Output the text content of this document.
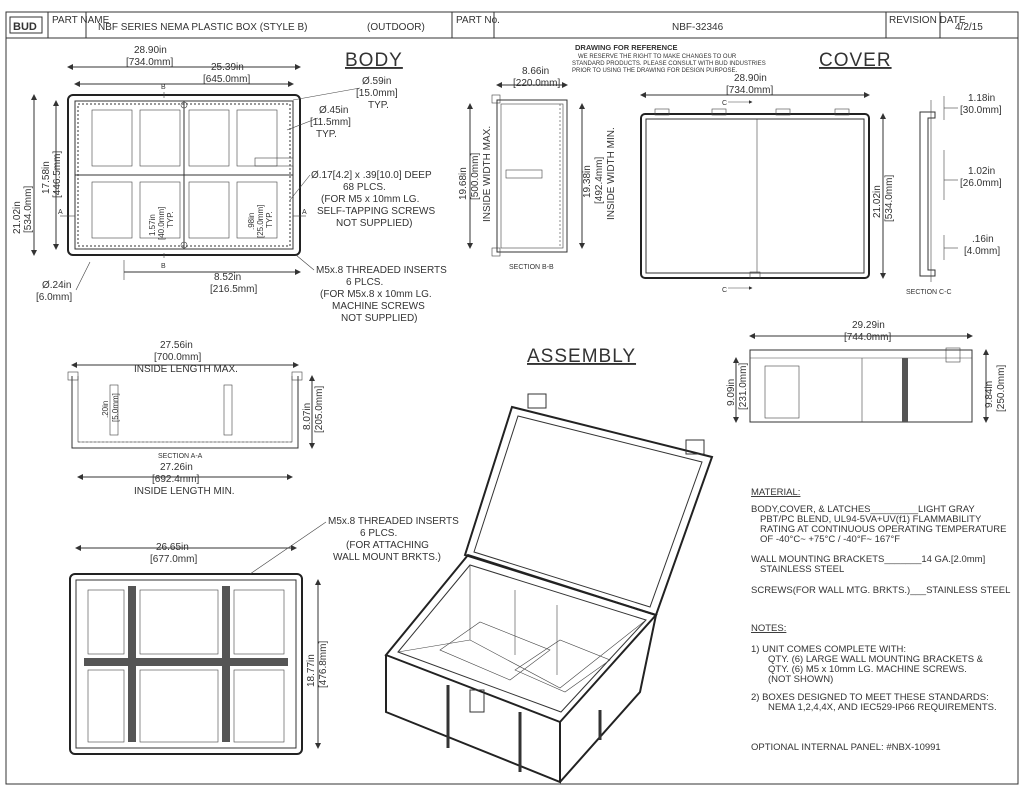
BUD
PART NAME
NBF SERIES NEMA PLASTIC BOX (STYLE B)	(OUTDOOR)
PART No.
NBF-32346
REVISION DATE
4/2/15
DRAWING FOR REFERENCE
WE RESERVE THE RIGHT TO MAKE CHANGES TO OUR
STANDARD PRODUCTS. PLEASE CONSULT WITH BUD INDUSTRIES
PRIOR TO USING THE DRAWING FOR DESIGN PURPOSE.
BODY	COVER
ASSEMBLY
B
B
A	A
28.90in
[734.0mm]	25.39in
[645.0mm]
21.02in [534.0mm]
17.58in [446.5mm]
Ø.59in
[15.0mm]
TYP.
Ø.45in
[11.5mm]
TYP.
Ø.17[4.2] x .39[10.0] DEEP
68 PLCS.
(FOR M5 x 10mm LG.
SELF-TAPPING SCREWS
NOT SUPPLIED)
1.57in [40.0mm] TYP.	.98in [25.0mm] TYP.
8.52in
[216.5mm]
Ø.24in
[6.0mm]
M5x.8 THREADED INSERTS
6 PLCS.
(FOR M5x.8 x 10mm LG.
MACHINE SCREWS
NOT SUPPLIED)
8.66in
[220.0mm]
19.68in [500.0mm] INSIDE WIDTH MAX.	19.38in [492.4mm] INSIDE WIDTH MIN.
SECTION B-B
28.90in
[734.0mm]
21.02in [534.0mm]
C
C
1.18in
[30.0mm]
1.02in
[26.0mm]
.16in
[4.0mm]
SECTION C-C
27.56in
[700.0mm]
INSIDE LENGTH MAX.
.20in [5.0mm]	8.07in [205.0mm]
SECTION A-A
27.26in
[692.4mm]
INSIDE LENGTH MIN.
26.65in
[677.0mm]
18.77in [476.8mm]
M5x.8 THREADED INSERTS
6 PLCS.
(FOR ATTACHING
WALL MOUNT BRKTS.)
29.29in
[744.0mm]
9.09in [231.0mm]	9.84in [250.0mm]
MATERIAL:
BODY,COVER, & LATCHES_________LIGHT GRAY
PBT/PC BLEND, UL94-5VA+UV(f1) FLAMMABILITY
RATING AT CONTINUOUS OPERATING TEMPERATURE
OF -40°C~ +75°C / -40°F~ 167°F
WALL MOUNTING BRACKETS_______14 GA.[2.0mm]
STAINLESS STEEL
SCREWS(FOR WALL MTG. BRKTS.)___STAINLESS STEEL
NOTES:
1) UNIT COMES COMPLETE WITH:
QTY. (6) LARGE WALL MOUNTING BRACKETS &
QTY. (6) M5 x 10mm LG. MACHINE SCREWS.
(NOT SHOWN)
2) BOXES DESIGNED TO MEET THESE STANDARDS:
NEMA 1,2,4,4X, AND IEC529-IP66 REQUIREMENTS.
OPTIONAL INTERNAL PANEL: #NBX-10991
